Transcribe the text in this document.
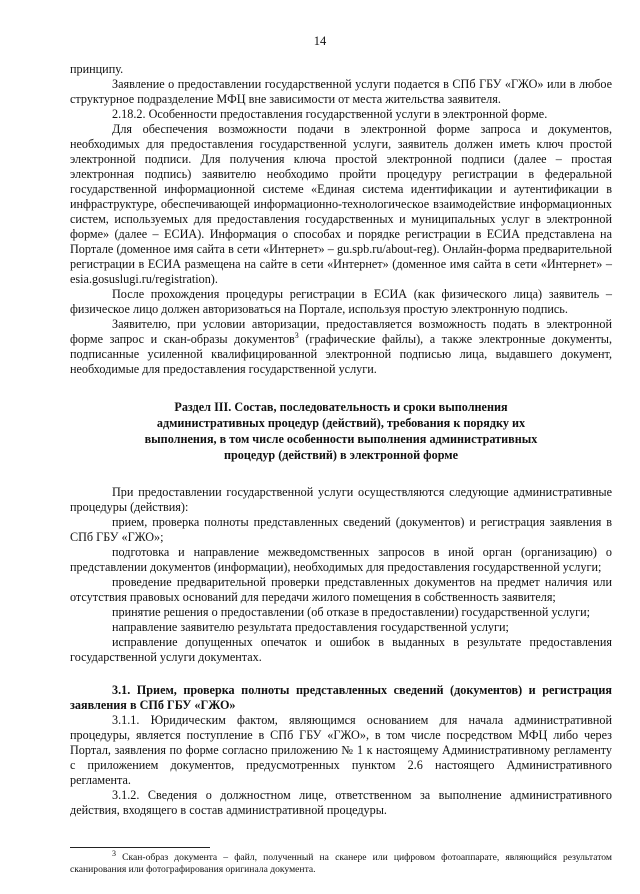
14

принципу.

Заявление о предоставлении государственной услуги подается в СПб ГБУ «ГЖО» или в любое структурное подразделение МФЦ вне зависимости от места жительства заявителя.

2.18.2. Особенности предоставления государственной услуги в электронной форме.

Для обеспечения возможности подачи в электронной форме запроса и документов, необходимых для предоставления государственной услуги, заявитель должен иметь ключ простой электронной подписи. Для получения ключа простой электронной подписи (далее – простая электронная подпись) заявителю необходимо пройти процедуру регистрации в федеральной государственной информационной системе «Единая система идентификации и аутентификации в инфраструктуре, обеспечивающей информационно-технологическое взаимодействие информационных систем, используемых для предоставления государственных и муниципальных услуг в электронной форме» (далее – ЕСИА). Информация о способах и порядке регистрации в ЕСИА представлена на Портале (доменное имя сайта в сети «Интернет» – gu.spb.ru/about-reg). Онлайн-форма предварительной регистрации в ЕСИА размещена на сайте в сети «Интернет» (доменное имя сайта в сети «Интернет» – esia.gosuslugi.ru/registration).

После прохождения процедуры регистрации в ЕСИА (как физического лица) заявитель – физическое лицо должен авторизоваться на Портале, используя простую электронную подпись.

Заявителю, при условии авторизации, предоставляется возможность подать в электронной форме запрос и скан-образы документов$^3$ (графические файлы), а также электронные документы, подписанные усиленной квалифицированной электронной подписью лица, выдавшего документ, необходимые для предоставления государственной услуги.

Раздел III. Состав, последовательность и сроки выполнения административных процедур (действий), требования к порядку их выполнения, в том числе особенности выполнения административных процедур (действий) в электронной форме

При предоставлении государственной услуги осуществляются следующие административные процедуры (действия):

прием, проверка полноты представленных сведений (документов) и регистрация заявления в СПб ГБУ «ГЖО»;

подготовка и направление межведомственных запросов в иной орган (организацию) о представлении документов (информации), необходимых для предоставления государственной услуги;

проведение предварительной проверки представленных документов на предмет наличия или отсутствия правовых оснований для передачи жилого помещения в собственность заявителя;

принятие решения о предоставлении (об отказе в предоставлении) государственной услуги;

направление заявителю результата предоставления государственной услуги;

исправление допущенных опечаток и ошибок в выданных в результате предоставления государственной услуги документах.

3.1. Прием, проверка полноты представленных сведений (документов) и регистрация заявления в СПб ГБУ «ГЖО»

3.1.1. Юридическим фактом, являющимся основанием для начала административной процедуры, является поступление в СПб ГБУ «ГЖО», в том числе посредством МФЦ либо через Портал, заявления по форме согласно приложению № 1 к настоящему Административному регламенту с приложением документов, предусмотренных пунктом 2.6 настоящего Административного регламента.

3.1.2. Сведения о должностном лице, ответственном за выполнение административного действия, входящего в состав административной процедуры.

$^3$ Скан-образ документа – файл, полученный на сканере или цифровом фотоаппарате, являющийся результатом сканирования или фотографирования оригинала документа.
